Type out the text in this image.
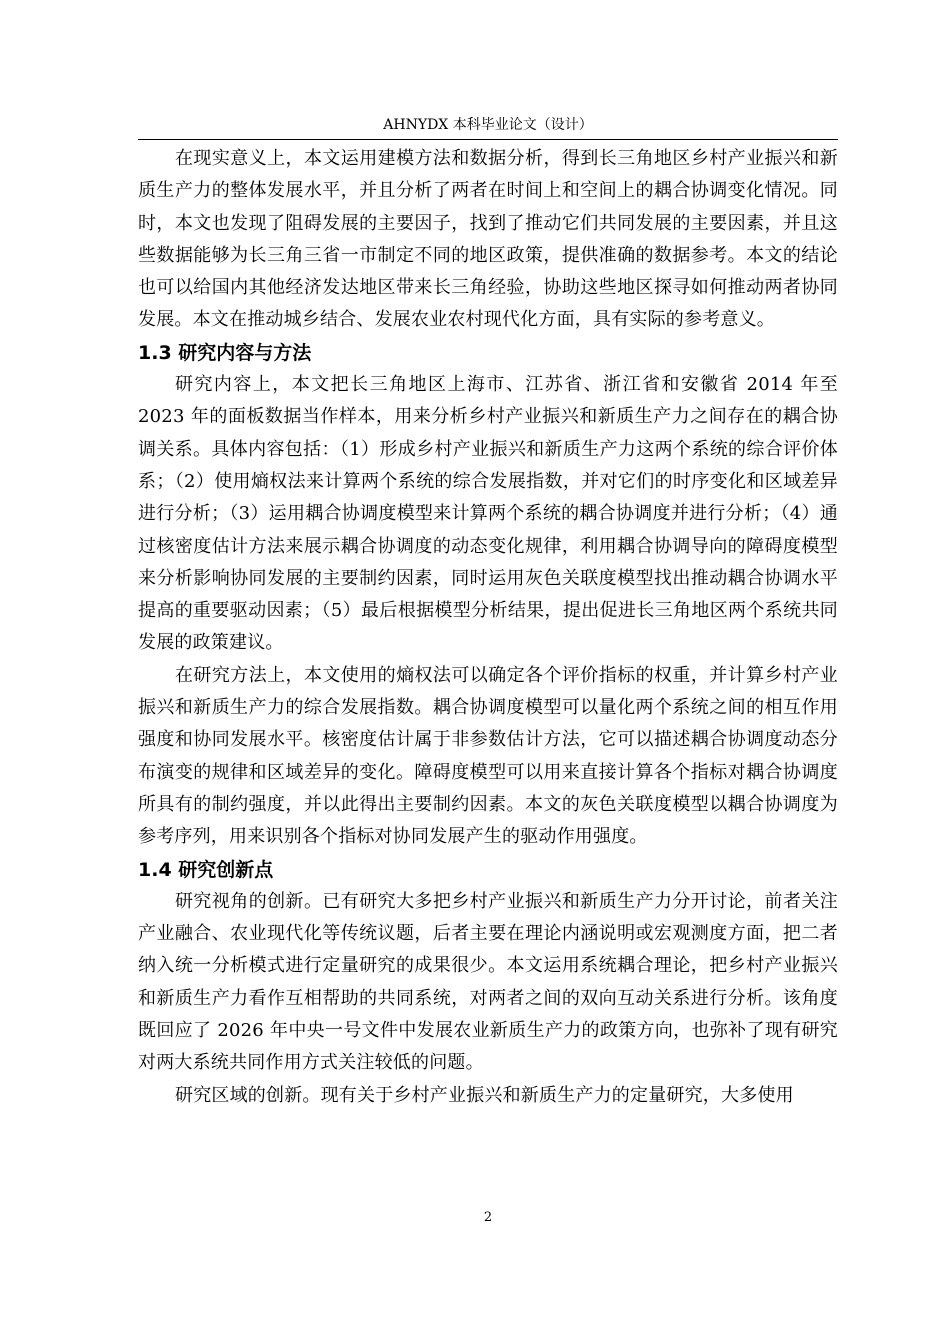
AHNYDX 本科毕业论文（设计）

在现实意义上，本文运用建模方法和数据分析，得到长三角地区乡村产业振兴和新质生产力的整体发展水平，并且分析了两者在时间上和空间上的耦合协调变化情况。同时，本文也发现了阻碍发展的主要因子，找到了推动它们共同发展的主要因素，并且这些数据能够为长三角三省一市制定不同的地区政策，提供准确的数据参考。本文的结论也可以给国内其他经济发达地区带来长三角经验，协助这些地区探寻如何推动两者协同发展。本文在推动城乡结合、发展农业农村现代化方面，具有实际的参考意义。

1.3 研究内容与方法

研究内容上，本文把长三角地区上海市、江苏省、浙江省和安徽省 2014 年至 2023 年的面板数据当作样本，用来分析乡村产业振兴和新质生产力之间存在的耦合协调关系。具体内容包括：（1）形成乡村产业振兴和新质生产力这两个系统的综合评价体系；（2）使用熵权法来计算两个系统的综合发展指数，并对它们的时序变化和区域差异进行分析；（3）运用耦合协调度模型来计算两个系统的耦合协调度并进行分析；（4）通过核密度估计方法来展示耦合协调度的动态变化规律，利用耦合协调导向的障碍度模型来分析影响协同发展的主要制约因素，同时运用灰色关联度模型找出推动耦合协调水平提高的重要驱动因素；（5）最后根据模型分析结果，提出促进长三角地区两个系统共同发展的政策建议。

在研究方法上，本文使用的熵权法可以确定各个评价指标的权重，并计算乡村产业振兴和新质生产力的综合发展指数。耦合协调度模型可以量化两个系统之间的相互作用强度和协同发展水平。核密度估计属于非参数估计方法，它可以描述耦合协调度动态分布演变的规律和区域差异的变化。障碍度模型可以用来直接计算各个指标对耦合协调度所具有的制约强度，并以此得出主要制约因素。本文的灰色关联度模型以耦合协调度为参考序列，用来识别各个指标对协同发展产生的驱动作用强度。

1.4 研究创新点

研究视角的创新。已有研究大多把乡村产业振兴和新质生产力分开讨论，前者关注产业融合、农业现代化等传统议题，后者主要在理论内涵说明或宏观测度方面，把二者纳入统一分析模式进行定量研究的成果很少。本文运用系统耦合理论，把乡村产业振兴和新质生产力看作互相帮助的共同系统，对两者之间的双向互动关系进行分析。该角度既回应了 2026 年中央一号文件中发展农业新质生产力的政策方向，也弥补了现有研究对两大系统共同作用方式关注较低的问题。

研究区域的创新。现有关于乡村产业振兴和新质生产力的定量研究，大多使用

2
